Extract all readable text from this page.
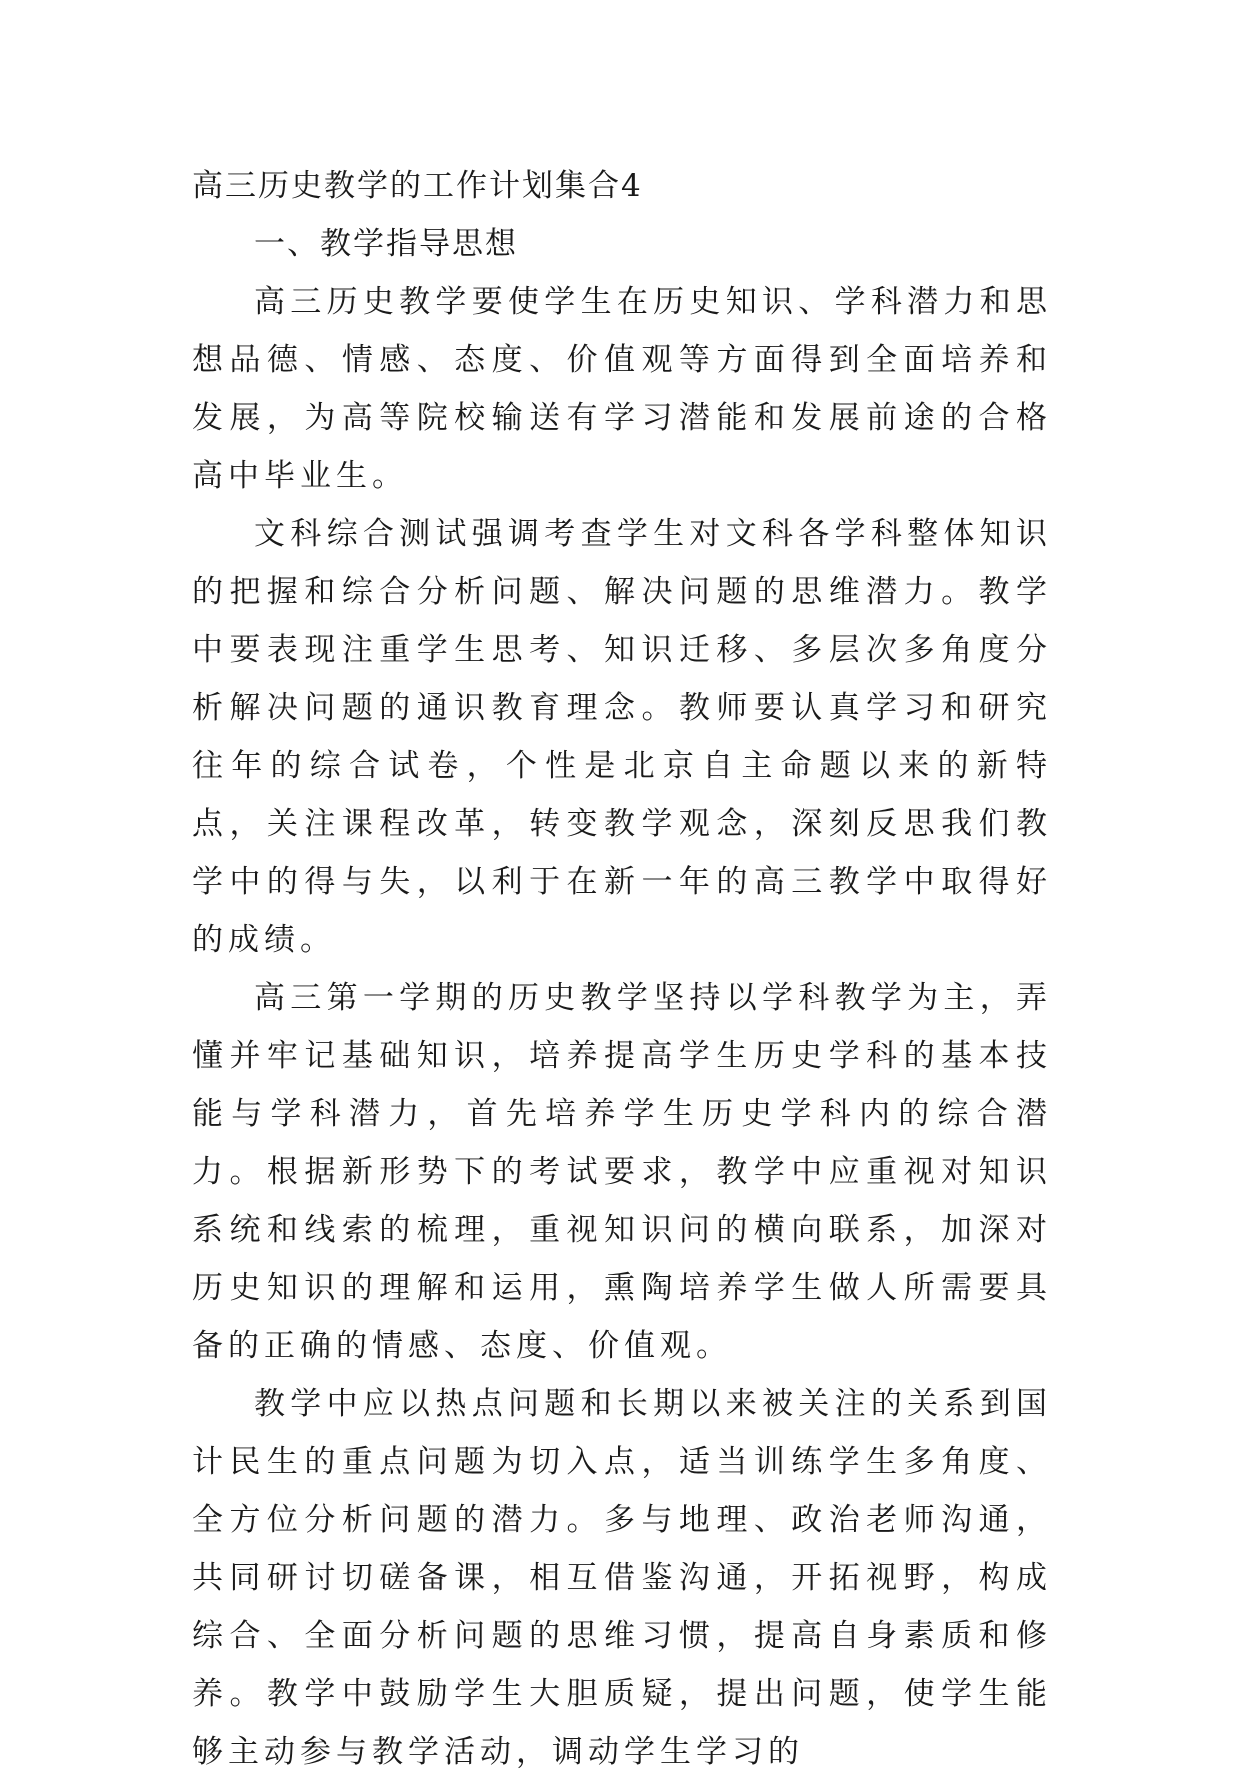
高三历史教学的工作计划集合4

一、教学指导思想

高三历史教学要使学生在历史知识、学科潜力和思想品德、情感、态度、价值观等方面得到全面培养和发展，为高等院校输送有学习潜能和发展前途的合格高中毕业生。

文科综合测试强调考查学生对文科各学科整体知识的把握和综合分析问题、解决问题的思维潜力。教学中要表现注重学生思考、知识迁移、多层次多角度分析解决问题的通识教育理念。教师要认真学习和研究往年的综合试卷，个性是北京自主命题以来的新特点，关注课程改革，转变教学观念，深刻反思我们教学中的得与失，以利于在新一年的高三教学中取得好的成绩。

高三第一学期的历史教学坚持以学科教学为主，弄懂并牢记基础知识，培养提高学生历史学科的基本技能与学科潜力，首先培养学生历史学科内的综合潜力。根据新形势下的考试要求，教学中应重视对知识系统和线索的梳理，重视知识问的横向联系，加深对历史知识的理解和运用，熏陶培养学生做人所需要具备的正确的情感、态度、价值观。

教学中应以热点问题和长期以来被关注的关系到国计民生的重点问题为切入点，适当训练学生多角度、全方位分析问题的潜力。多与地理、政治老师沟通，共同研讨切磋备课，相互借鉴沟通，开拓视野，构成综合、全面分析问题的思维习惯，提高自身素质和修养。教学中鼓励学生大胆质疑，提出问题，使学生能够主动参与教学活动，调动学生学习的
